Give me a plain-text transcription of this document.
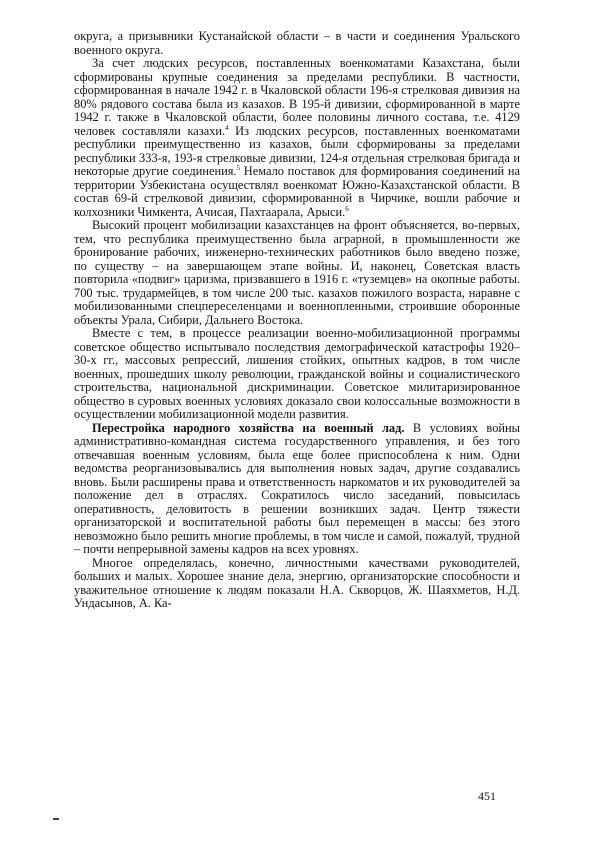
округа, а призывники Кустанайской области – в части и соединения Уральского военного округа.

За счет людских ресурсов, поставленных военкоматами Казахстана, были сформированы крупные соединения за пределами республики. В частности, сформированная в начале 1942 г. в Чкаловской области 196-я стрелковая дивизия на 80% рядового состава была из казахов. В 195-й дивизии, сформированной в марте 1942 г. также в Чкаловской области, более половины личного состава, т.е. 4129 человек составляли казахи.$^4$ Из людских ресурсов, поставленных военкоматами республики преимущественно из казахов, были сформированы за пределами республики 333-я, 193-я стрелковые дивизии, 124-я отдельная стрелковая бригада и некоторые другие соединения.$^5$ Немало поставок для формирования соединений на территории Узбекистана осуществлял военкомат Южно-Казахстанской области. В состав 69-й стрелковой дивизии, сформированной в Чирчике, вошли рабочие и колхозники Чимкента, Ачисая, Пахтаарала, Арыси.$^6$

Высокий процент мобилизации казахстанцев на фронт объясняется, во-первых, тем, что республика преимущественно была аграрной, в промышленности же бронирование рабочих, инженерно-технических работников было введено позже, по существу – на завершающем этапе войны. И, наконец, Советская власть повторила «подвиг» царизма, призвавшего в 1916 г. «туземцев» на окопные работы. 700 тыс. трудармейцев, в том числе 200 тыс. казахов пожилого возраста, наравне с мобилизованными спецпереселенцами и военнопленными, строившие оборонные объекты Урала, Сибири, Дальнего Востока.

Вместе с тем, в процессе реализации военно-мобилизационной программы советское общество испытывало последствия демографической катастрофы 1920–30-х гг., массовых репрессий, лишения стойких, опытных кадров, в том числе военных, прошедших школу революции, гражданской войны и социалистического строительства, национальной дискриминации. Советское милитаризированное общество в суровых военных условиях доказало свои колоссальные возможности в осуществлении мобилизационной модели развития.

Перестройка народного хозяйства на военный лад. В условиях войны административно-командная система государственного управления, и без того отвечавшая военным условиям, была еще более приспособлена к ним. Одни ведомства реорганизовывались для выполнения новых задач, другие создавались вновь. Были расширены права и ответственность наркоматов и их руководителей за положение дел в отраслях. Сократилось число заседаний, повысилась оперативность, деловитость в решении возникших задач. Центр тяжести организаторской и воспитательной работы был перемещен в массы: без этого невозможно было решить многие проблемы, в том числе и самой, пожалуй, трудной – почти непрерывной замены кадров на всех уровнях.

Многое определялась, конечно, личностными качествами руководителей, больших и малых. Хорошее знание дела, энергию, организаторские способности и уважительное отношение к людям показали Н.А. Скворцов, Ж. Шаяхметов, Н.Д. Ундасынов, А. Ка-

451
